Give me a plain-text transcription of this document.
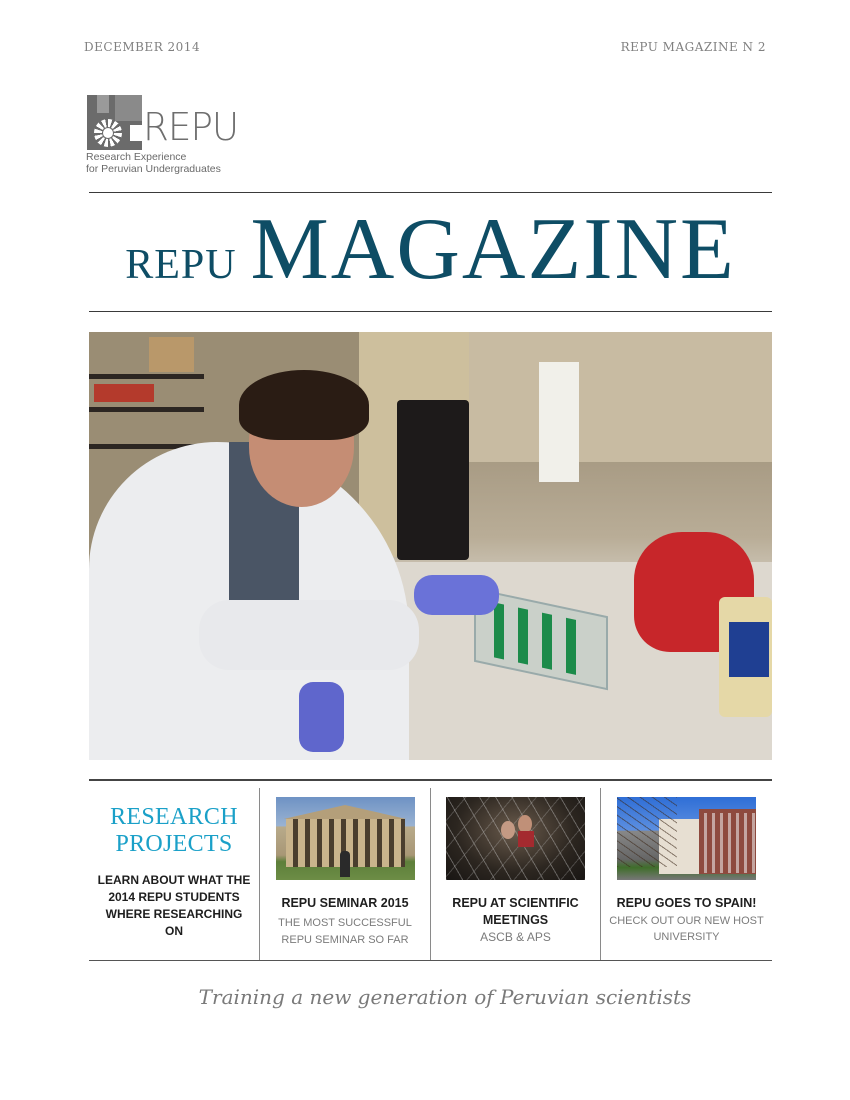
DECEMBER 2014	REPU MAGAZINE N 2
REPU
Research Experience
for Peruvian Undergraduates
REPU MAGAZINE
RESEARCH
PROJECTS
LEARN ABOUT WHAT THE 2014 REPU STUDENTS WHERE RESEARCHING ON
REPU SEMINAR 2015
THE MOST SUCCESSFUL REPU SEMINAR SO FAR
REPU AT SCIENTIFIC MEETINGS
ASCB & APS
REPU GOES TO SPAIN!
CHECK OUT OUR NEW HOST UNIVERSITY
Training a new generation of Peruvian scientists
